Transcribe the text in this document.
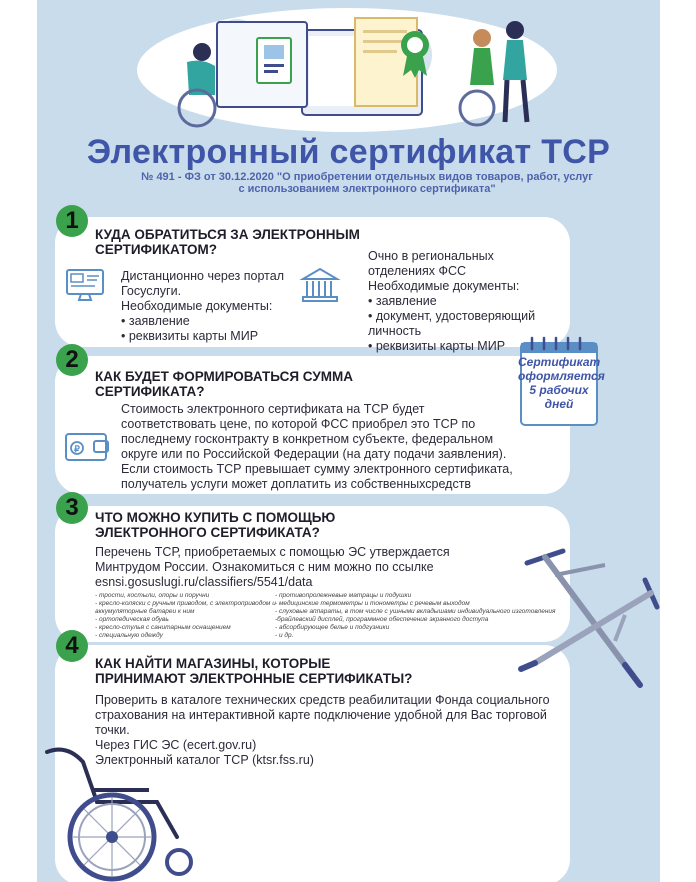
Электронный сертификат ТСР
№ 491 - ФЗ от 30.12.2020 "О приобретении отдельных видов товаров, работ, услуг
с использованием электронного сертификата"
1
КУДА ОБРАТИТЬСЯ ЗА ЭЛЕКТРОННЫМ
СЕРТИФИКАТОМ?
Дистанционно через портал
Госуслуги.
Необходимые документы:
• заявление
• реквизиты карты МИР
Очно в региональных
отделениях ФСС
Необходимые документы:
• заявление
• документ, удостоверяющий
личность
• реквизиты карты МИР
2
КАК БУДЕТ ФОРМИРОВАТЬСЯ СУММА
СЕРТИФИКАТА?
₽
Стоимость электронного сертификата на ТСР будет
соответствовать цене, по которой ФСС приобрел это ТСР по
последнему госконтракту в конкретном субъекте, федеральном
округе или по Российской Федерации (на дату подачи заявления).
Если стоимость ТСР превышает сумму электронного сертификата,
получатель услуги может доплатить из собственныхсредств
Сертификат
оформляется
5 рабочих
дней
3	ЧТО МОЖНО КУПИТЬ С ПОМОЩЬЮ
ЭЛЕКТРОННОГО СЕРТИФИКАТА?
Перечень ТСР, приобретаемых с помощью ЭС утверждается
Минтрудом России. Ознакомиться с ним можно по ссылке
esnsi.gosuslugi.ru/classifiers/5541/data
- трости, костыли, опоры и поручни
- кресло-коляски с ручным приводом, с электроприводом и
аккумуляторные батареи к ним
- ортопедическая обувь
- кресло-стулья с санитарным оснащением
- специальную одежду
- противопролежневые матрацы и подушки
- медицинские термометры и тонометры с речевым выходом
- слуховые аппараты, в том числе с ушными вкладышами индивидуального изготовления
-брайлевский дисплей, программное обеспечение экранного доступа
- абсорбирующее белье и подгузники
- и др.
4
КАК НАЙТИ МАГАЗИНЫ, КОТОРЫЕ
ПРИНИМАЮТ ЭЛЕКТРОННЫЕ СЕРТИФИКАТЫ?
Проверить в каталоге технических средств реабилитации Фонда социального
страхования на интерактивной карте подключение удобной для Вас торговой
точки.
Через ГИС ЭС (ecert.gov.ru)
Электронный каталог ТСР (ktsr.fss.ru)
